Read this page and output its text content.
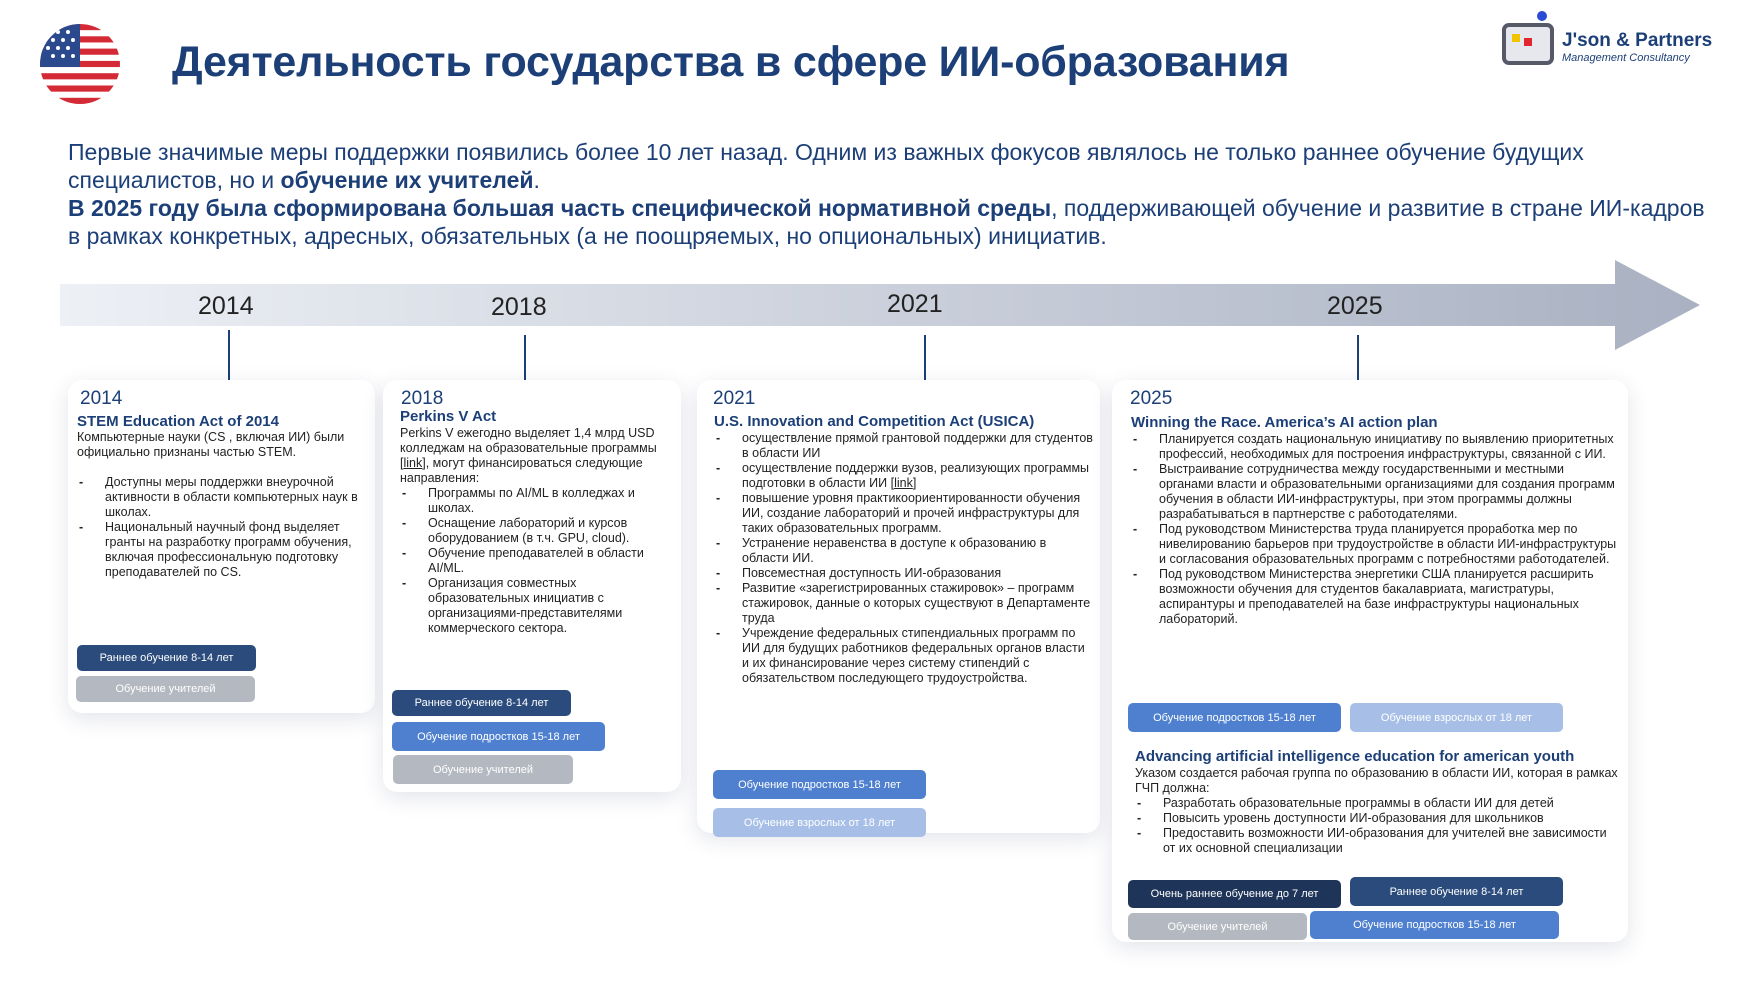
Деятельность государства в сфере ИИ-образования	J'son & Partners
Management Consultancy
Первые значимые меры поддержки появились более 10 лет назад. Одним из важных фокусов являлось не только раннее обучение будущих специалистов, но и обучение их учителей.
В 2025 году была сформирована большая часть специфической нормативной среды, поддерживающей обучение и развитие в стране ИИ-кадров в рамках конкретных, адресных, обязательных (а не поощряемых, но опциональных) инициатив.
2014	2018	2021	2025
2014
STEM Education Act of 2014
Компьютерные науки (CS , включая ИИ) были официально признаны частью STEM.
- Доступны меры поддержки внеурочной активности в области компьютерных наук в школах.
- Национальный научный фонд выделяет гранты на разработку программ обучения, включая профессиональную подготовку преподавателей по CS.
Раннее обучение 8-14 лет
Обучение учителей
2018
Perkins V Act
Perkins V ежегодно выделяет 1,4 млрд USD колледжам на образовательные программы [link], могут финансироваться следующие направления:
- Программы по AI/ML в колледжах и школах.
- Оснащение лабораторий и курсов оборудованием (в т.ч. GPU, cloud).
- Обучение преподавателей в области AI/ML.
- Организация совместных образовательных инициатив с организациями-представителями коммерческого сектора.
Раннее обучение 8-14 лет
Обучение подростков 15-18 лет
Обучение учителей
2021
U.S. Innovation and Competition Act (USICA)
- осуществление прямой грантовой поддержки для студентов в области ИИ
- осуществление поддержки вузов, реализующих программы подготовки в области ИИ [link]
- повышение уровня практикоориентированности обучения ИИ, создание лабораторий и прочей инфраструктуры для таких образовательных программ.
- Устранение неравенства в доступе к образованию в области ИИ.
- Повсеместная доступность ИИ-образования
- Развитие «зарегистрированных стажировок» – программ стажировок, данные о которых существуют в Департаменте труда
- Учреждение федеральных стипендиальных программ по ИИ для будущих работников федеральных органов власти и их финансирование через систему стипендий с обязательством последующего трудоустройства.
Обучение подростков 15-18 лет
Обучение взрослых от 18 лет
2025
Winning the Race. America’s AI action plan
- Планируется создать национальную инициативу по выявлению приоритетных профессий, необходимых для построения инфраструктуры, связанной с ИИ.
- Выстраивание сотрудничества между государственными и местными органами власти и образовательными организациями для создания программ обучения в области ИИ-инфраструктуры, при этом программы должны разрабатываться в партнерстве с работодателями.
- Под руководством Министерства труда планируется проработка мер по нивелированию барьеров при трудоустройстве в области ИИ-инфраструктуры и согласования образовательных программ с потребностями работодателей.
- Под руководством Министерства энергетики США планируется расширить возможности обучения для студентов бакалавриата, магистратуры, аспирантуры и преподавателей на базе инфраструктуры национальных лабораторий.
Обучение подростков 15-18 лет	Обучение взрослых от 18 лет
Advancing artificial intelligence education for american youth
Указом создается рабочая группа по образованию в области ИИ, которая в рамках ГЧП должна:
- Разработать образовательные программы в области ИИ для детей
- Повысить уровень доступности ИИ-образования для школьников
- Предоставить возможности ИИ-образования для учителей вне зависимости от их основной специализации
Очень раннее обучение до 7 лет	Раннее обучение 8-14 лет
Обучение учителей	Обучение подростков 15-18 лет
